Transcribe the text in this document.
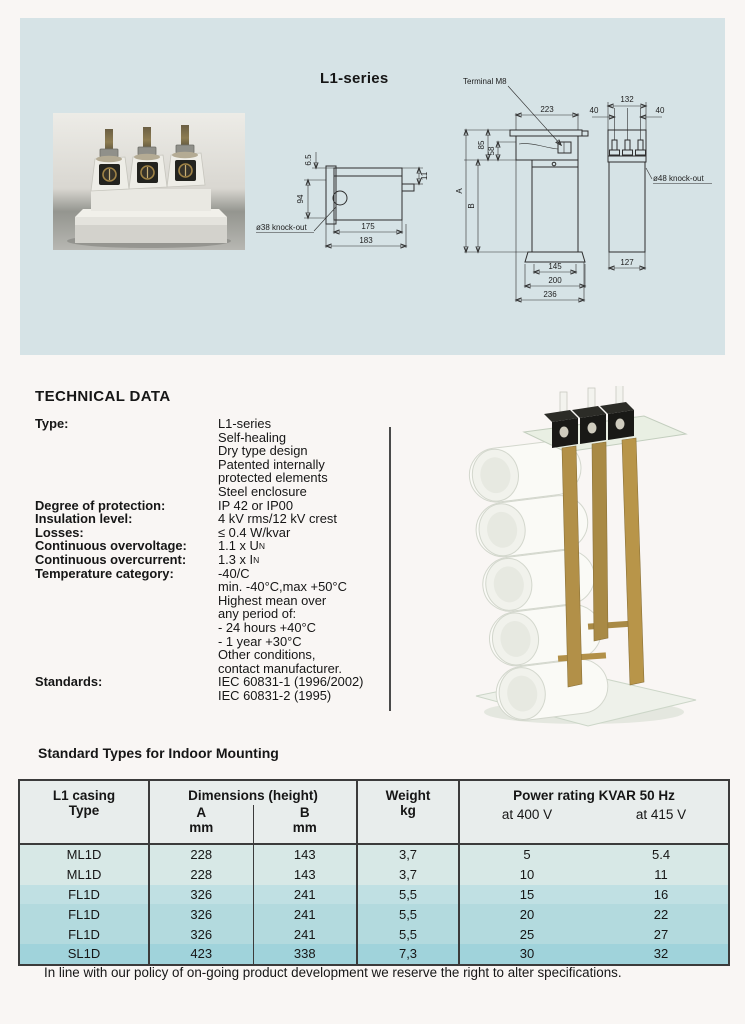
L1-series
6.5
94
11
175
183
ø38 knock-out
Terminal M8
223
A
B
85
58
145
200
236
132
40	40
127
ø48 knock-out
TECHNICAL DATA
Type:	L1-series
Self-healing
Dry type design
Patented internally
protected elements
Steel enclosure
Degree of protection:	IP 42 or IP00
Insulation level:	4 kV rms/12 kV crest
Losses:	≤ 0.4 W/kvar
Continuous overvoltage:	1.1 x U N
Continuous overcurrent:	1.3 x I N
Temperature category:	-40/C
min. -40°C,max +50°C
Highest mean over
any period of:
- 24 hours +40°C
- 1 year +30°C
Other conditions,
contact manufacturer.
Standards:	IEC 60831-1 (1996/2002)
IEC 60831-2 (1995)
Standard Types for Indoor Mounting
L1 casing
Type

Dimensions (height)
A
mm
B
mm

Weight
kg

Power rating KVAR 50 Hz
at 400 V	at 415 V

ML1D	228	143	3,7	5	5.4
ML1D	228	143	3,7	10	11
FL1D	326	241	5,5	15	16
FL1D	326	241	5,5	20	22
FL1D	326	241	5,5	25	27
SL1D	423	338	7,3	30	32
In line with our policy of on-going product development we reserve the right to alter specifications.
